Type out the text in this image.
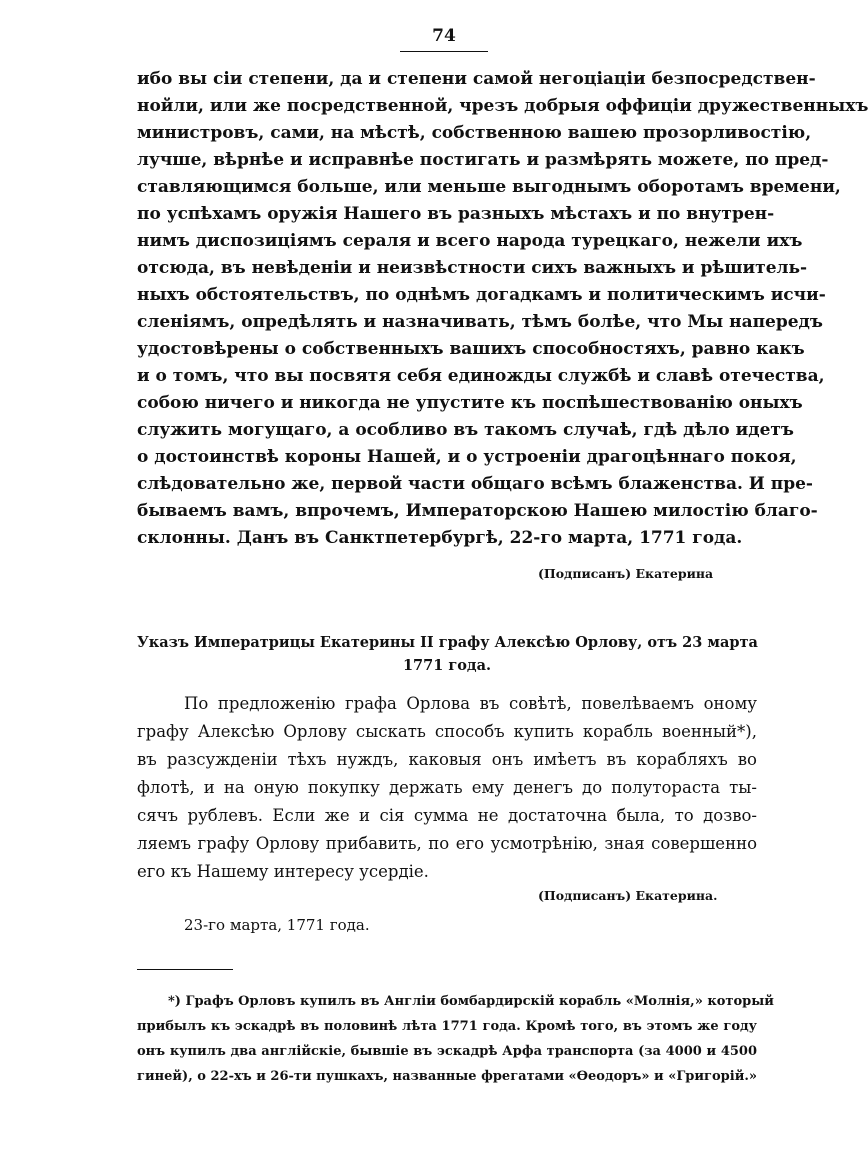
74
ибо вы сiи степени, да и степени самой негоцiацiи безпосредствен-
нойли, или же посредственной, чрезъ добрыя оффицiи дружественныхъ
министровъ, сами, на мѣстѣ, собственною вашею прозорливостiю,
лучше, вѣрнѣе и исправнѣе постигать и размѣрять можете, по пред-
ставляющимся больше, или меньше выгоднымъ оборотамъ времени,
по успѣхамъ оружiя Нашего въ разныхъ мѣстахъ и по внутрен-
нимъ диспозицiямъ сераля и всего народа турецкаго, нежели ихъ
отсюда, въ невѣденiи и неизвѣстности сихъ важныхъ и рѣшитель-
ныхъ обстоятельствъ, по однѣмъ догадкамъ и политическимъ исчи-
сленiямъ, опредѣлять и назначивать, тѣмъ болѣе, что Мы напередъ
удостовѣрены о собственныхъ вашихъ способностяхъ, равно какъ
и о томъ, что вы посвятя себя единожды службѣ и славѣ отечества,
собою ничего и никогда не упустите къ поспѣшествованiю оныхъ
служить могущаго, а особливо въ такомъ случаѣ, гдѣ дѣло идетъ
о достоинствѣ короны Нашей, и о устроенiи драгоцѣннаго покоя,
слѣдовательно же, первой части общаго всѣмъ блаженства. И пре-
бываемъ вамъ, впрочемъ, Императорскою Нашею милостiю благо-
склонны. Данъ въ Санктпетербургѣ, 22-го марта, 1771 года.
(Подписанъ) Екатерина
Указъ Императрицы Екатерины II графу Алексѣю Орлову, отъ 23 марта
1771 года.
По предложенiю графа Орлова въ совѣтѣ, повелѣваемъ оному
графу Алексѣю Орлову сыскать способъ купить корабль военный*),
въ разсужденiи тѣхъ нуждъ, каковыя онъ имѣетъ въ корабляхъ во
флотѣ, и на оную покупку держать ему денегъ до полутораста ты-
сячъ рублевъ. Если же и сiя сумма не достаточна была, то дозво-
ляемъ графу Орлову прибавить, по его усмотрѣнiю, зная совершенно
его къ Нашему интересу усердiе.
(Подписанъ) Екатерина.
23-го марта, 1771 года.
*) Графъ Орловъ купилъ въ Англiи бомбардирскiй корабль «Молнiя,» который
прибылъ къ эскадрѣ въ половинѣ лѣта 1771 года. Кромѣ того, въ этомъ же году
онъ купилъ два англiйскiе, бывшiе въ эскадрѣ Арфа транспорта (за 4000 и 4500
гиней), о 22-хъ и 26-ти пушкахъ, названные фрегатами «Ѳеодоръ» и «Григорiй.»
